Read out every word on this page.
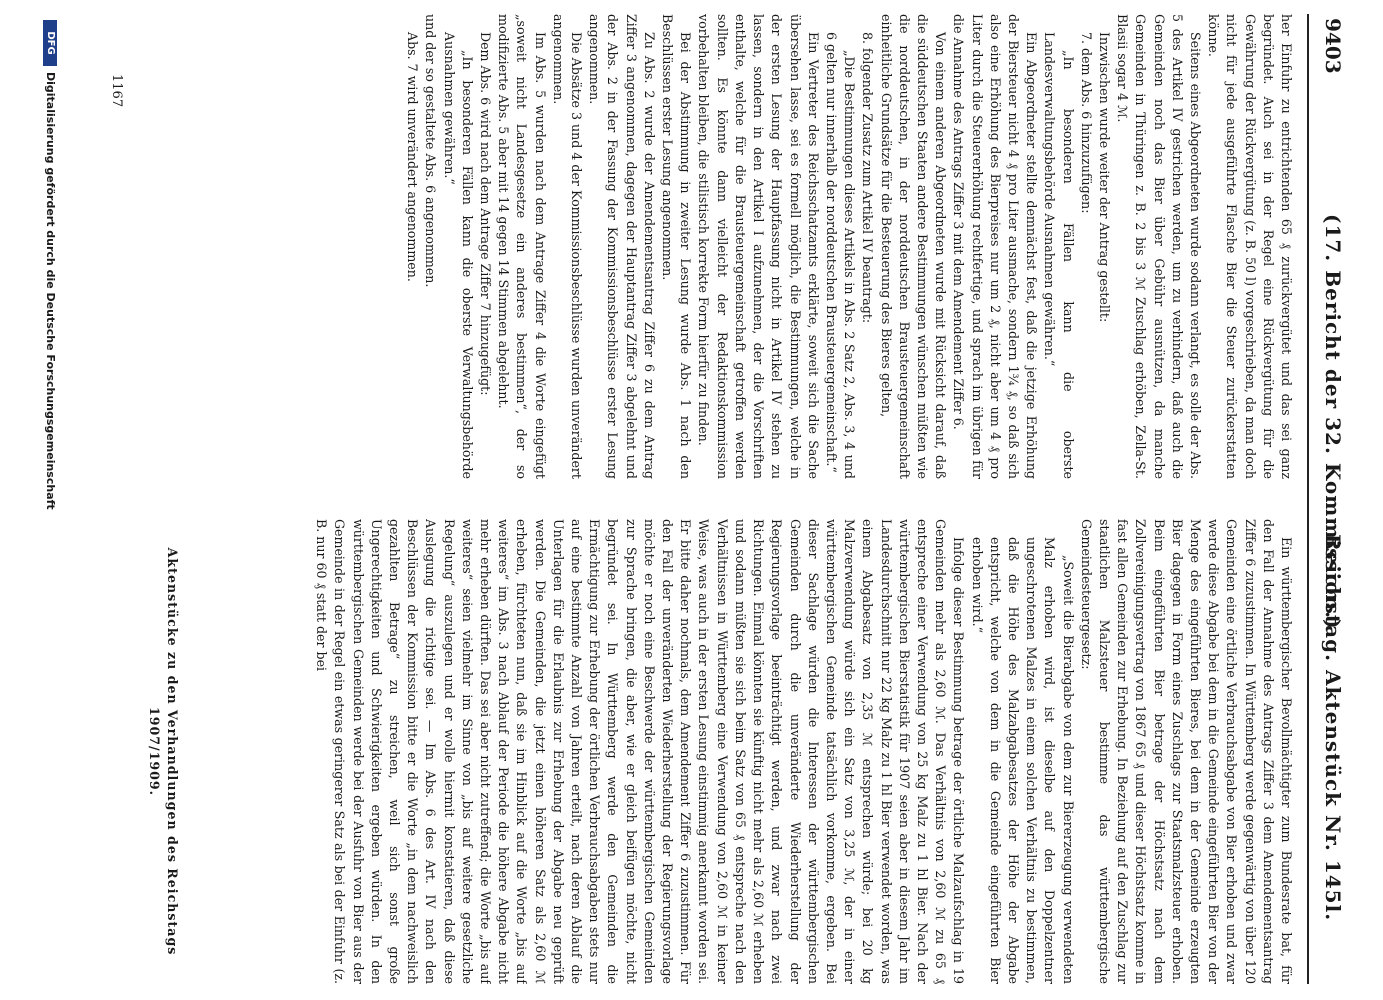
9403
(17. Bericht der 32. Kommission.)
Reichstag. Aktenstück Nr. 145l.

her Einfuhr zu entrichtenden 65 ₰ zurückvergütet und das sei ganz begründet. Auch sei in der Regel eine Rückvergütung für die Gewährung der Rückvergütung (z. B. 50 l) vorgeschrieben, da man doch nicht für jede ausgeführte Flasche Bier die Steuer zurückerstatten könne.

Seitens eines Abgeordneten wurde sodann verlangt, es solle der Abs. 5 des Artikel IV gestrichen werden, um zu verhindern, daß auch die Gemeinden noch das Bier über Gebühr ausnützen, da manche Gemeinden in Thüringen z. B. 2 bis 3 ℳ Zuschlag erhöben, Zella-St. Blasii sogar 4 ℳ.

Inzwischen wurde weiter der Antrag gestellt:

7. dem Abs. 6 hinzuzufügen:

„In besonderen Fällen kann die oberste Landesverwaltungsbehörde Ausnahmen gewähren.“

Ein Abgeordneter stellte demnächst fest, daß die jetzige Erhöhung der Biersteuer nicht 4 ₰ pro Liter ausmache, sondern 1¾ ₰, so daß sich also eine Erhöhung des Bierpreises nur um 2 ₰, nicht aber um 4 ₰ pro Liter durch die Steuererhöhung rechtfertige, und sprach im übrigen für die Annahme des Antrags Ziffer 3 mit dem Amendement Ziffer 6.

Von einem anderen Abgeordneten wurde mit Rücksicht darauf, daß die süddeutschen Staaten andere Bestimmungen wünschen müßten wie die norddeutschen, in der norddeutschen Brausteuergemeinschaft einheitliche Grundsätze für die Besteuerung des Bieres gelten,

8. folgender Zusatz zum Artikel IV beantragt:

„Die Bestimmungen dieses Artikels in Abs. 2 Satz 2, Abs. 3, 4 und 6 gelten nur innerhalb der norddeutschen Brausteuergemeinschaft.“

Ein Vertreter des Reichsschatzamts erklärte, soweit sich die Sache übersehen lasse, sei es formell möglich, die Bestimmungen, welche in der ersten Lesung der Hauptfassung nicht in Artikel IV stehen zu lassen, sondern in den Artikel I aufzunehmen, der die Vorschriften enthalte, welche für die Brausteuergemeinschaft getroffen werden sollten. Es könnte dann vielleicht der Redaktionskommission vorbehalten bleiben, die stilistisch korrekte Form hierfür zu finden.

Bei der Abstimmung in zweiter Lesung wurde Abs. 1 nach den Beschlüssen erster Lesung angenommen.

Zu Abs. 2 wurde der Amendementsantrag Ziffer 6 zu dem Antrag Ziffer 3 angenommen, dagegen der Hauptantrag Ziffer 3 abgelehnt und der Abs. 2 in der Fassung der Kommissionsbeschlüsse erster Lesung angenommen.

Die Absätze 3 und 4 der Kommissionsbeschlüsse wurden unverändert angenommen.

Im Abs. 5 wurden nach dem Antrage Ziffer 4 die Worte eingefügt „soweit nicht Landesgesetze ein anderes bestimmen“, der so modifizierte Abs. 5 aber mit 14 gegen 14 Stimmen abgelehnt.

Dem Abs. 6 wird nach dem Antrage Ziffer 7 hinzugefügt:

„In besonderen Fällen kann die oberste Verwaltungsbehörde Ausnahmen gewähren.“

und der so gestaltete Abs. 6 angenommen.

Abs. 7 wird unverändert angenommen.

Ein württembergischer Bevollmächtigter zum Bundesrate bat, für den Fall der Annahme des Antrags Ziffer 3 dem Amendementsantrag Ziffer 6 zuzustimmen. In Württemberg werde gegenwärtig von über 120 Gemeinden eine örtliche Verbrauchsabgabe von Bier erhoben und zwar werde diese Abgabe bei dem in die Gemeinde eingeführten Bier von der Menge des eingeführten Bieres, bei dem in der Gemeinde erzeugten Bier dagegen in Form eines Zuschlags zur Staatsmalzsteuer erhoben. Beim eingeführten Bier betrage der Höchstsatz nach dem Zollvereinigungsvertrag von 1867 65 ₰ und dieser Höchstsatz komme in fast allen Gemeinden zur Erhebung. In Beziehung auf den Zuschlag zur staatlichen Malzsteuer bestimme das württembergische Gemeindesteuergesetz:

„Soweit die Bierabgabe von dem zur Biererzeugung verwendeten Malz erhoben wird, ist dieselbe auf den Doppelzentner ungeschrotenen Malzes in einem solchen Verhältnis zu bestimmen, daß die Höhe des Malzabgabesatzes der Höhe der Abgabe entspricht, welche von dem in die Gemeinde eingeführten Bier erhoben wird.“

Infolge dieser Bestimmung betrage der örtliche Malzaufschlag in 19 Gemeinden mehr als 2,60 ℳ. Das Verhältnis von 2,60 ℳ zu 65 ₰ entspreche einer Verwendung von 25 kg Malz zu 1 hl Bier. Nach der württembergischen Bierstatistik für 1907 seien aber in diesem Jahr im Landesdurchschnitt nur 22 kg Malz zu 1 hl Bier verwendet worden, was einem Abgabesatz von 2,35 ℳ entsprechen würde; bei 20 kg Malzverwendung würde sich ein Satz von 3,25 ℳ, der in einer württembergischen Gemeinde tatsächlich vorkomme, ergeben. Bei dieser Sachlage würden die Interessen der württembergischen Gemeinden durch die unveränderte Wiederherstellung der Regierungsvorlage beeinträchtigt werden, und zwar nach zwei Richtungen. Einmal könnten sie künftig nicht mehr als 2,60 ℳ erheben und sodann müßten sie sich beim Satz von 65 ₰ entspreche nach den Verhältnissen in Württemberg eine Verwendung von 2,60 ℳ in keiner Weise, was auch in der ersten Lesung einstimmig anerkannt worden sei. Er bitte daher nochmals, dem Amendement Ziffer 6 zuzustimmen. Für den Fall der unveränderten Wiederherstellung der Regierungsvorlage möchte er noch eine Beschwerde der württembergischen Gemeinden zur Sprache bringen, die aber, wie er gleich beifügen möchte, nicht begründet sei. In Württemberg werde den Gemeinden die Ermächtigung zur Erhebung der örtlichen Verbrauchsabgaben stets nur auf eine bestimmte Anzahl von Jahren erteilt, nach deren Ablauf die Unterlagen für die Erlaubnis zur Erhebung der Abgabe neu geprüft werden. Die Gemeinden, die jetzt einen höheren Satz als 2,60 ℳ erheben, fürchteten nun, daß sie im Hinblick auf die Worte „bis auf weiteres“ im Abs. 3 nach Ablauf der Periode die höhere Abgabe nicht mehr erheben dürften. Das sei aber nicht zutreffend; die Worte „bis auf weiteres“ seien vielmehr im Sinne von „bis auf weitere gesetzliche Regelung“ auszulegen und er wolle hiermit konstatieren, daß diese Auslegung die richtige sei. — Im Abs. 6 des Art. IV nach den Beschlüssen der Kommission bitte er die Worte „in dem nachweislich gezahlten Betrage“ zu streichen, weil sich sonst große Ungerechtigkeiten und Schwierigkeiten ergeben würden. In den württembergischen Gemeinden werde bei der Ausfuhr von Bier aus der Gemeinde in der Regel ein etwas geringerer Satz als bei der Einfuhr (z. B. nur 60 ₰ statt der bei

Aktenstücke zu den Verhandlungen des Reichstags 1907/1909.
1167
DFG
Digitalisierung gefördert durch die Deutsche Forschungsgemeinschaft
